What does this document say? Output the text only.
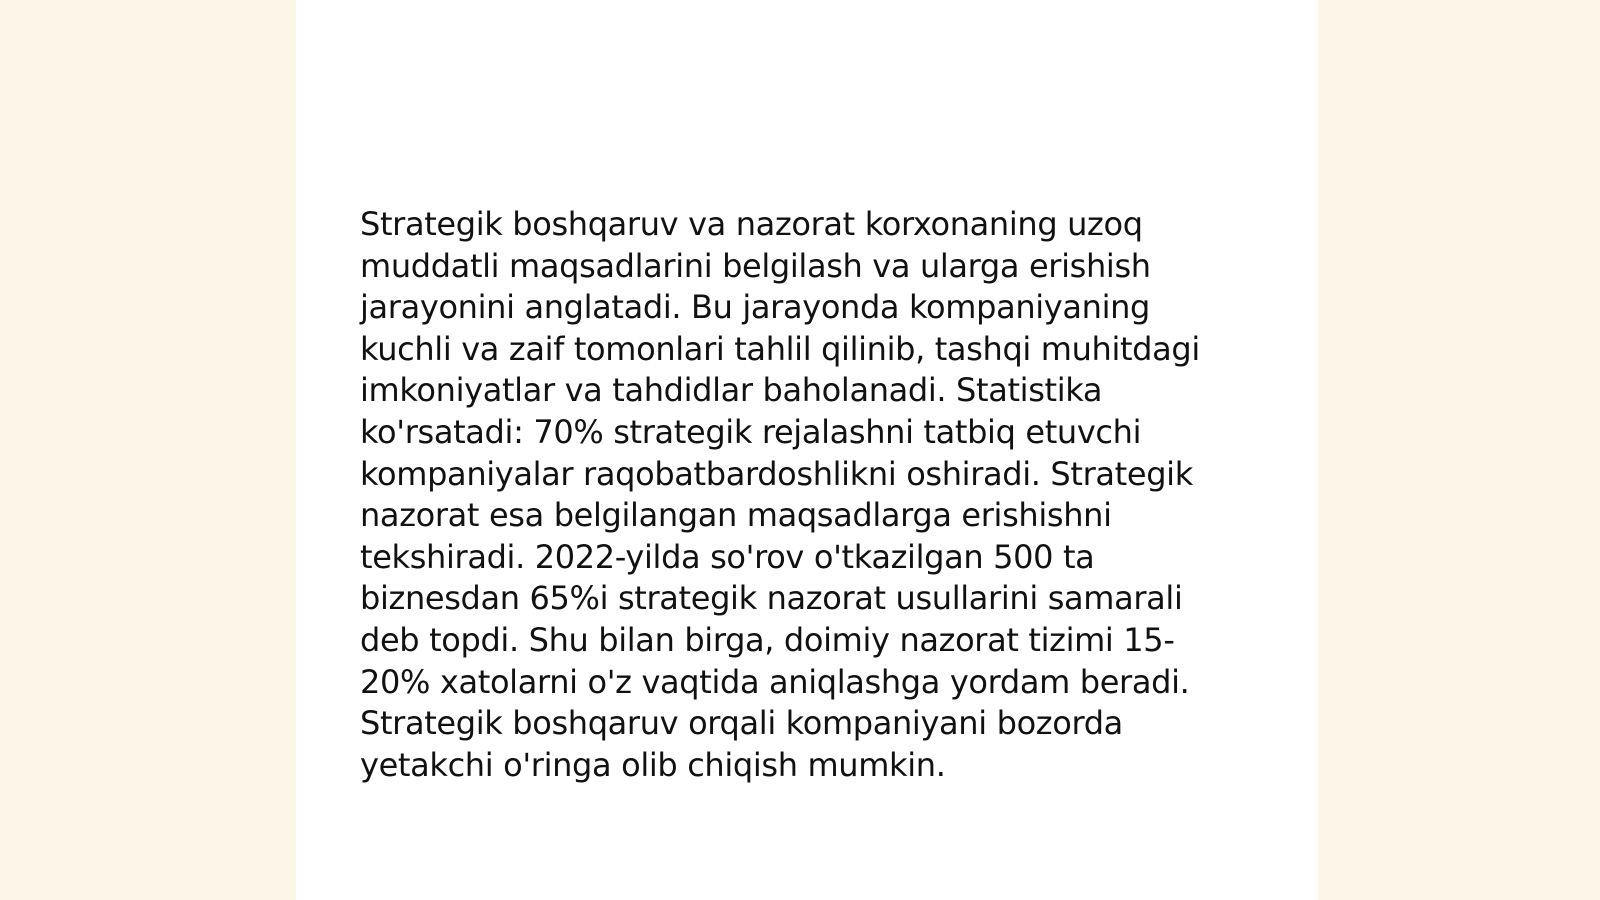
Strategik boshqaruv va nazorat korxonaning uzoq
muddatli maqsadlarini belgilash va ularga erishish
jarayonini anglatadi. Bu jarayonda kompaniyaning
kuchli va zaif tomonlari tahlil qilinib, tashqi muhitdagi
imkoniyatlar va tahdidlar baholanadi. Statistika
ko'rsatadi: 70% strategik rejalashni tatbiq etuvchi
kompaniyalar raqobatbardoshlikni oshiradi. Strategik
nazorat esa belgilangan maqsadlarga erishishni
tekshiradi. 2022-yilda so'rov o'tkazilgan 500 ta
biznesdan 65%i strategik nazorat usullarini samarali
deb topdi. Shu bilan birga, doimiy nazorat tizimi 15-
20% xatolarni o'z vaqtida aniqlashga yordam beradi.
Strategik boshqaruv orqali kompaniyani bozorda
yetakchi o'ringa olib chiqish mumkin.
